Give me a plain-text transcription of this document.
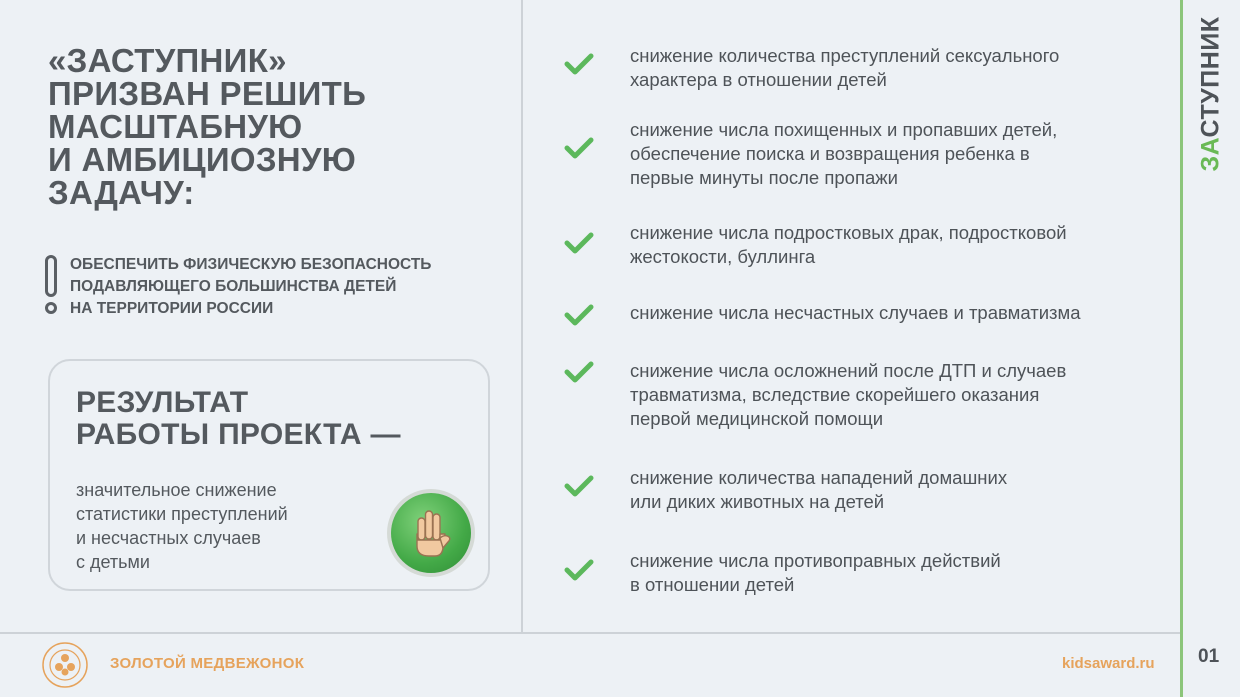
«ЗАСТУПНИК»
ПРИЗВАН РЕШИТЬ
МАСШТАБНУЮ
И АМБИЦИОЗНУЮ
ЗАДАЧУ:
ОБЕСПЕЧИТЬ ФИЗИЧЕСКУЮ БЕЗОПАСНОСТЬ
ПОДАВЛЯЮЩЕГО БОЛЬШИНСТВА ДЕТЕЙ
НА ТЕРРИТОРИИ РОССИИ
РЕЗУЛЬТАТ
РАБОТЫ ПРОЕКТА —
значительное снижение
статистики преступлений
и несчастных случаев
с детьми
снижение количества преступлений сексуального
характера в отношении детей
снижение числа похищенных и пропавших детей,
обеспечение поиска и возвращения ребенка в
первые минуты после пропажи
снижение числа подростковых драк, подростковой
жестокости, буллинга
снижение числа несчастных случаев и травматизма
снижение числа осложнений после ДТП и случаев
травматизма, вследствие скорейшего оказания
первой медицинской помощи
снижение количества нападений домашних
или диких животных на детей
снижение числа противоправных действий
в отношении детей
ЗАСТУПНИК
ЗОЛОТОЙ МЕДВЕЖОНОК	kidsaward.ru 01
